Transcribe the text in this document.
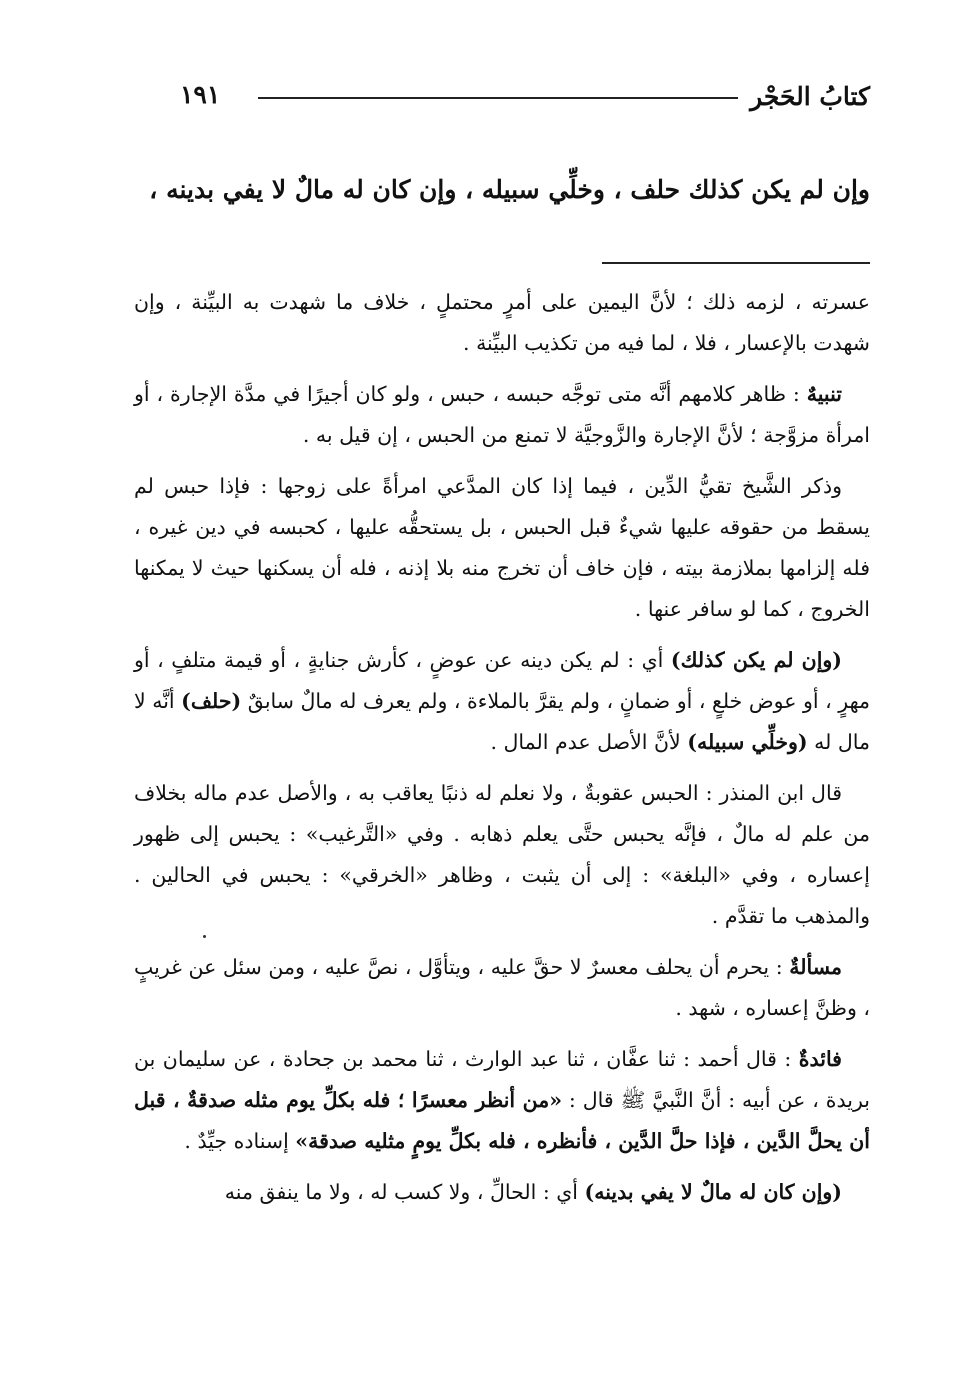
كتابُ الحَجْر
١٩١
وإن لم يكن كذلك حلف ، وخلِّي سبيله ، وإن كان له مالٌ لا يفي بدينه ،

عسرته ، لزمه ذلك ؛ لأنَّ اليمين على أمرٍ محتملٍ ، خلاف ما شهدت به البيِّنة ، وإن شهدت بالإعسار ، فلا ، لما فيه من تكذيب البيِّنة .

تنبيهٌ : ظاهر كلامهم أنَّه متى توجَّه حبسه ، حبس ، ولو كان أجيرًا في مدَّة الإجارة ، أو امرأة مزوَّجة ؛ لأنَّ الإجارة والزَّوجيَّة لا تمنع من الحبس ، إن قيل به .

وذكر الشَّيخ تقيُّ الدِّين ، فيما إذا كان المدَّعي امرأةً على زوجها : فإذا حبس لم يسقط من حقوقه عليها شيءٌ قبل الحبس ، بل يستحقُّه عليها ، كحبسه في دين غيره ، فله إلزامها بملازمة بيته ، فإن خاف أن تخرج منه بلا إذنه ، فله أن يسكنها حيث لا يمكنها الخروج ، كما لو سافر عنها .

(وإن لم يكن كذلك) أي : لم يكن دينه عن عوضٍ ، كأرش جنايةٍ ، أو قيمة متلفٍ ، أو مهرٍ ، أو عوض خلعٍ ، أو ضمانٍ ، ولم يقرَّ بالملاءة ، ولم يعرف له مالٌ سابقٌ (حلف) أنَّه لا مال له (وخلِّي سبيله) لأنَّ الأصل عدم المال .

قال ابن المنذر : الحبس عقوبةٌ ، ولا نعلم له ذنبًا يعاقب به ، والأصل عدم ماله بخلاف من علم له مالٌ ، فإنَّه يحبس حتَّى يعلم ذهابه . وفي «التَّرغيب» : يحبس إلى ظهور إعساره ، وفي «البلغة» : إلى أن يثبت ، وظاهر «الخرقي» : يحبس في الحالين . والمذهب ما تقدَّم .

مسألةٌ : يحرم أن يحلف معسرٌ لا حقَّ عليه ، ويتأوَّل ، نصَّ عليه ، ومن سئل عن غريبٍ ، وظنَّ إعساره ، شهد .

فائدةٌ : قال أحمد : ثنا عفَّان ، ثنا عبد الوارث ، ثنا محمد بن جحادة ، عن سليمان بن بريدة ، عن أبيه : أنَّ النَّبيَّ ﷺ قال : «من أنظر معسرًا ؛ فله بكلِّ يوم مثله صدقةٌ ، قبل أن يحلَّ الدَّين ، فإذا حلَّ الدَّين ، فأنظره ، فله بكلِّ يومٍ مثليه صدقة» إسناده جيِّدٌ .

(وإن كان له مالٌ لا يفي بدينه) أي : الحالِّ ، ولا كسب له ، ولا ما ينفق منه
